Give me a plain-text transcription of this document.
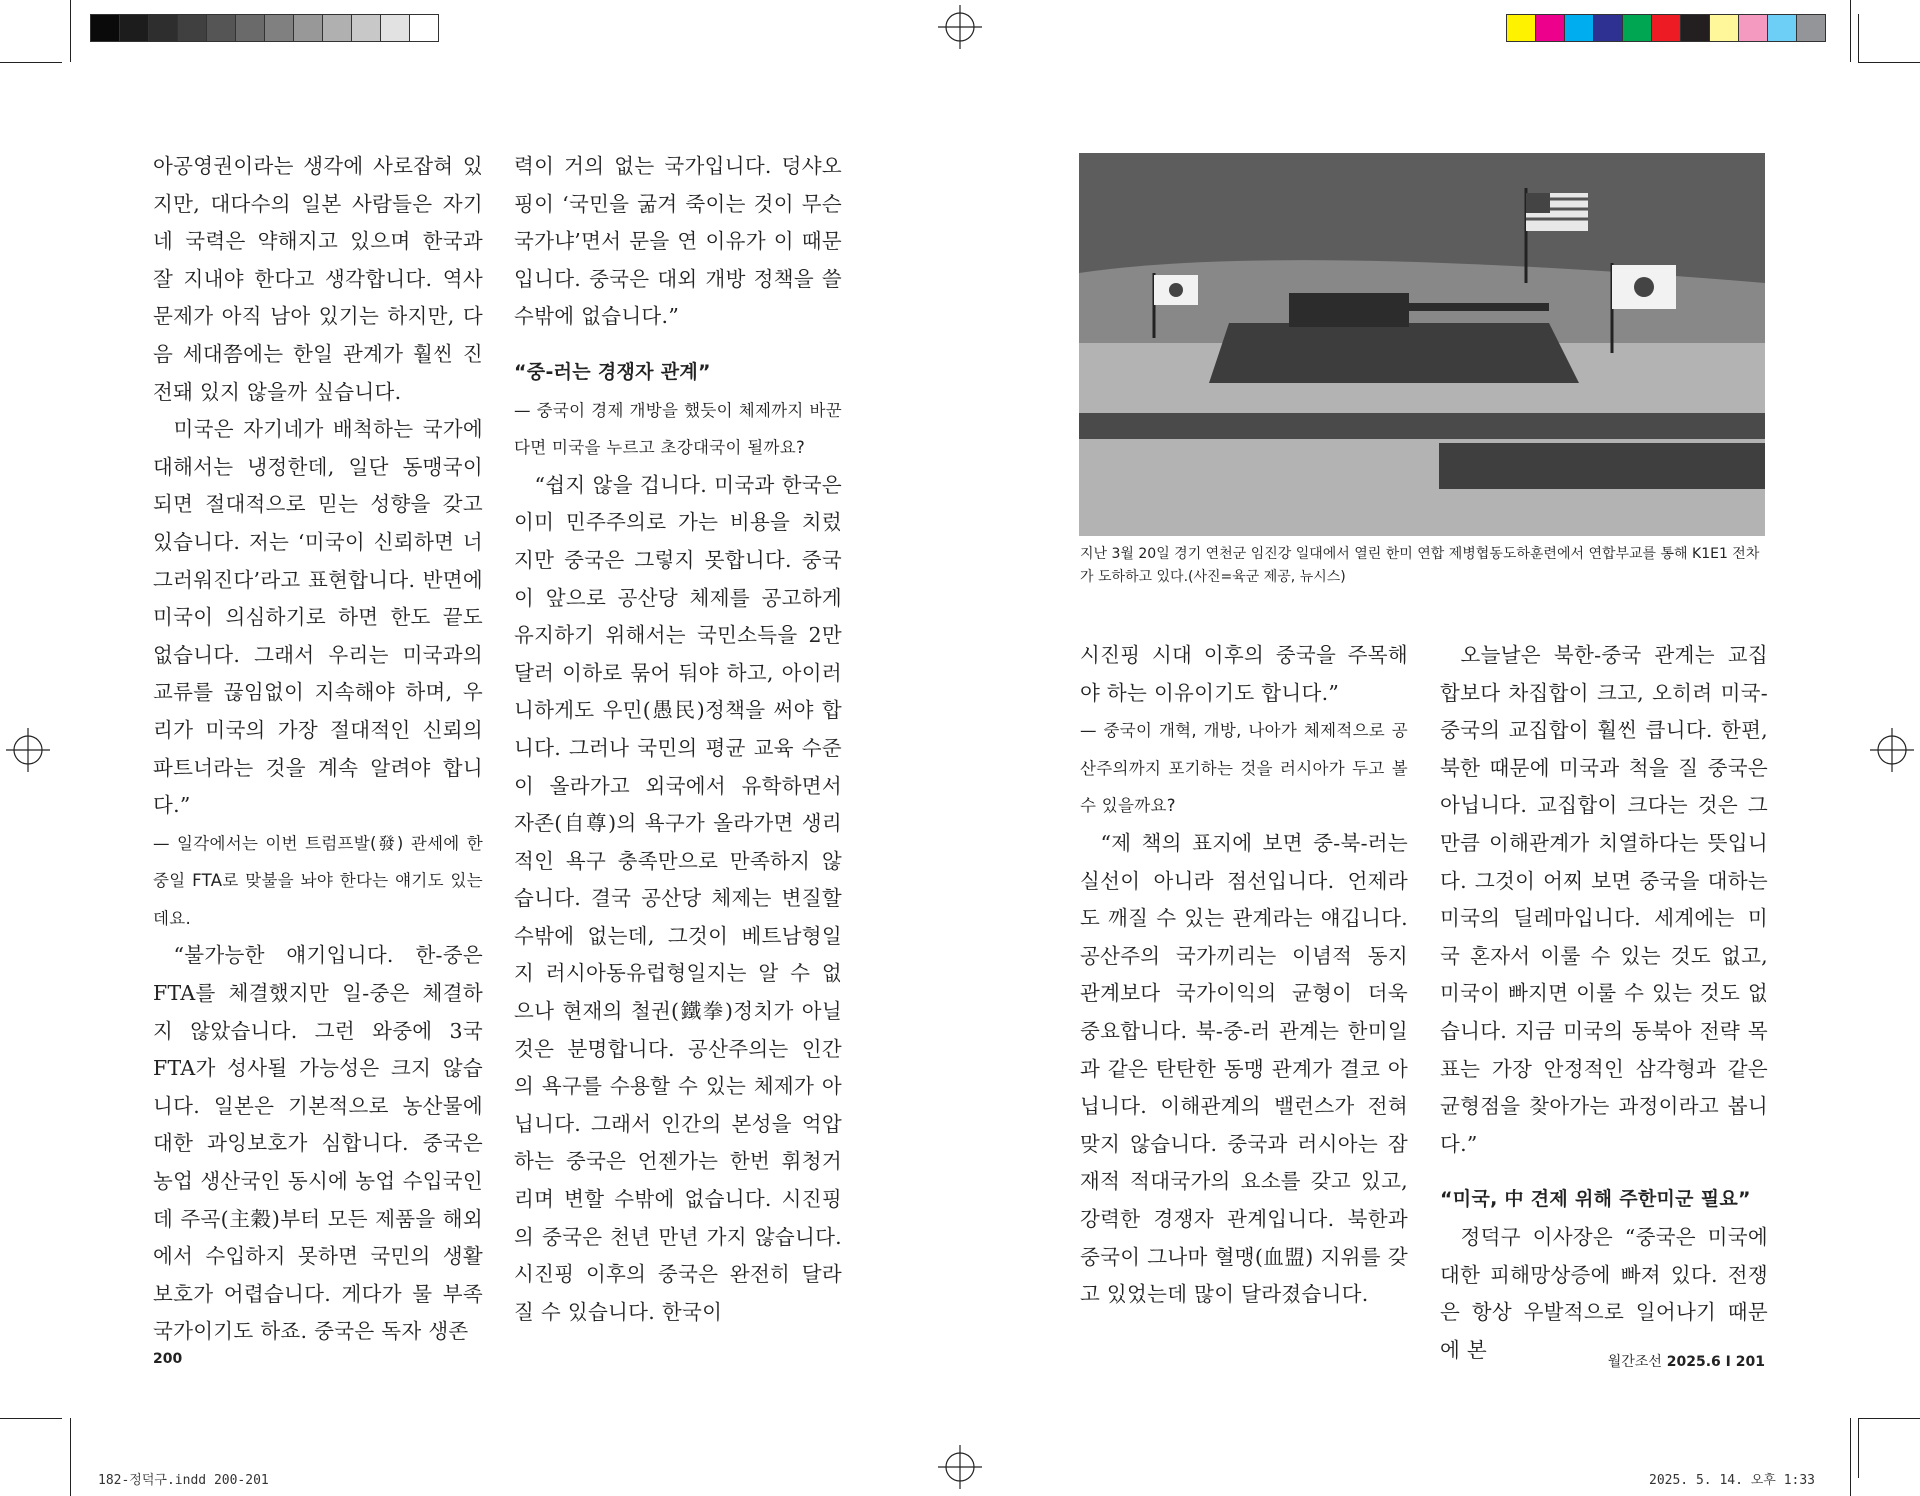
아공영권이라는 생각에 사로잡혀 있지만, 대다수의 일본 사람들은 자기네 국력은 약해지고 있으며 한국과 잘 지내야 한다고 생각합니다. 역사 문제가 아직 남아 있기는 하지만, 다음 세대쯤에는 한일 관계가 훨씬 진전돼 있지 않을까 싶습니다.

미국은 자기네가 배척하는 국가에 대해서는 냉정한데, 일단 동맹국이 되면 절대적으로 믿는 성향을 갖고 있습니다. 저는 ‘미국이 신뢰하면 너그러워진다’라고 표현합니다. 반면에 미국이 의심하기로 하면 한도 끝도 없습니다. 그래서 우리는 미국과의 교류를 끊임없이 지속해야 하며, 우리가 미국의 가장 절대적인 신뢰의 파트너라는 것을 계속 알려야 합니다.”

— 일각에서는 이번 트럼프발(發) 관세에 한중일 FTA로 맞불을 놔야 한다는 얘기도 있는데요.

“불가능한 얘기입니다. 한-중은 FTA를 체결했지만 일-중은 체결하지 않았습니다. 그런 와중에 3국 FTA가 성사될 가능성은 크지 않습니다. 일본은 기본적으로 농산물에 대한 과잉보호가 심합니다. 중국은 농업 생산국인 동시에 농업 수입국인데 주곡(主穀)부터 모든 제품을 해외에서 수입하지 못하면 국민의 생활 보호가 어렵습니다. 게다가 물 부족 국가이기도 하죠. 중국은 독자 생존

력이 거의 없는 국가입니다. 덩샤오핑이 ‘국민을 굶겨 죽이는 것이 무슨 국가냐’면서 문을 연 이유가 이 때문입니다. 중국은 대외 개방 정책을 쓸 수밖에 없습니다.”

“중-러는 경쟁자 관계”

— 중국이 경제 개방을 했듯이 체제까지 바꾼다면 미국을 누르고 초강대국이 될까요?

“쉽지 않을 겁니다. 미국과 한국은 이미 민주주의로 가는 비용을 치렀지만 중국은 그렇지 못합니다. 중국이 앞으로 공산당 체제를 공고하게 유지하기 위해서는 국민소득을 2만 달러 이하로 묶어 둬야 하고, 아이러니하게도 우민(愚民)정책을 써야 합니다. 그러나 국민의 평균 교육 수준이 올라가고 외국에서 유학하면서 자존(自尊)의 욕구가 올라가면 생리적인 욕구 충족만으로 만족하지 않습니다. 결국 공산당 체제는 변질할 수밖에 없는데, 그것이 베트남형일지 러시아동유럽형일지는 알 수 없으나 현재의 철권(鐵拳)정치가 아닐 것은 분명합니다. 공산주의는 인간의 욕구를 수용할 수 있는 체제가 아닙니다. 그래서 인간의 본성을 억압하는 중국은 언젠가는 한번 휘청거리며 변할 수밖에 없습니다. 시진핑의 중국은 천년 만년 가지 않습니다. 시진핑 이후의 중국은 완전히 달라질 수 있습니다. 한국이

200
지난 3월 20일 경기 연천군 임진강 일대에서 열린 한미 연합 제병협동도하훈련에서 연합부교를 통해 K1E1 전차가 도하하고 있다.(사진=육군 제공, 뉴시스)

시진핑 시대 이후의 중국을 주목해야 하는 이유이기도 합니다.”

— 중국이 개혁, 개방, 나아가 체제적으로 공산주의까지 포기하는 것을 러시아가 두고 볼 수 있을까요?

“제 책의 표지에 보면 중-북-러는 실선이 아니라 점선입니다. 언제라도 깨질 수 있는 관계라는 얘깁니다. 공산주의 국가끼리는 이념적 동지 관계보다 국가이익의 균형이 더욱 중요합니다. 북-중-러 관계는 한미일과 같은 탄탄한 동맹 관계가 결코 아닙니다. 이해관계의 밸런스가 전혀 맞지 않습니다. 중국과 러시아는 잠재적 적대국가의 요소를 갖고 있고, 강력한 경쟁자 관계입니다. 북한과 중국이 그나마 혈맹(血盟) 지위를 갖고 있었는데 많이 달라졌습니다.

오늘날은 북한-중국 관계는 교집합보다 차집합이 크고, 오히려 미국-중국의 교집합이 훨씬 큽니다. 한편, 북한 때문에 미국과 척을 질 중국은 아닙니다. 교집합이 크다는 것은 그만큼 이해관계가 치열하다는 뜻입니다. 그것이 어찌 보면 중국을 대하는 미국의 딜레마입니다. 세계에는 미국 혼자서 이룰 수 있는 것도 없고, 미국이 빠지면 이룰 수 있는 것도 없습니다. 지금 미국의 동북아 전략 목표는 가장 안정적인 삼각형과 같은 균형점을 찾아가는 과정이라고 봅니다.”

“미국, 中 견제 위해 주한미군 필요”

정덕구 이사장은 “중국은 미국에 대한 피해망상증에 빠져 있다. 전쟁은 항상 우발적으로 일어나기 때문에 본

월간조선 2025.6 I 201
182-정덕구.indd 200-201	2025. 5. 14. 오후 1:33
